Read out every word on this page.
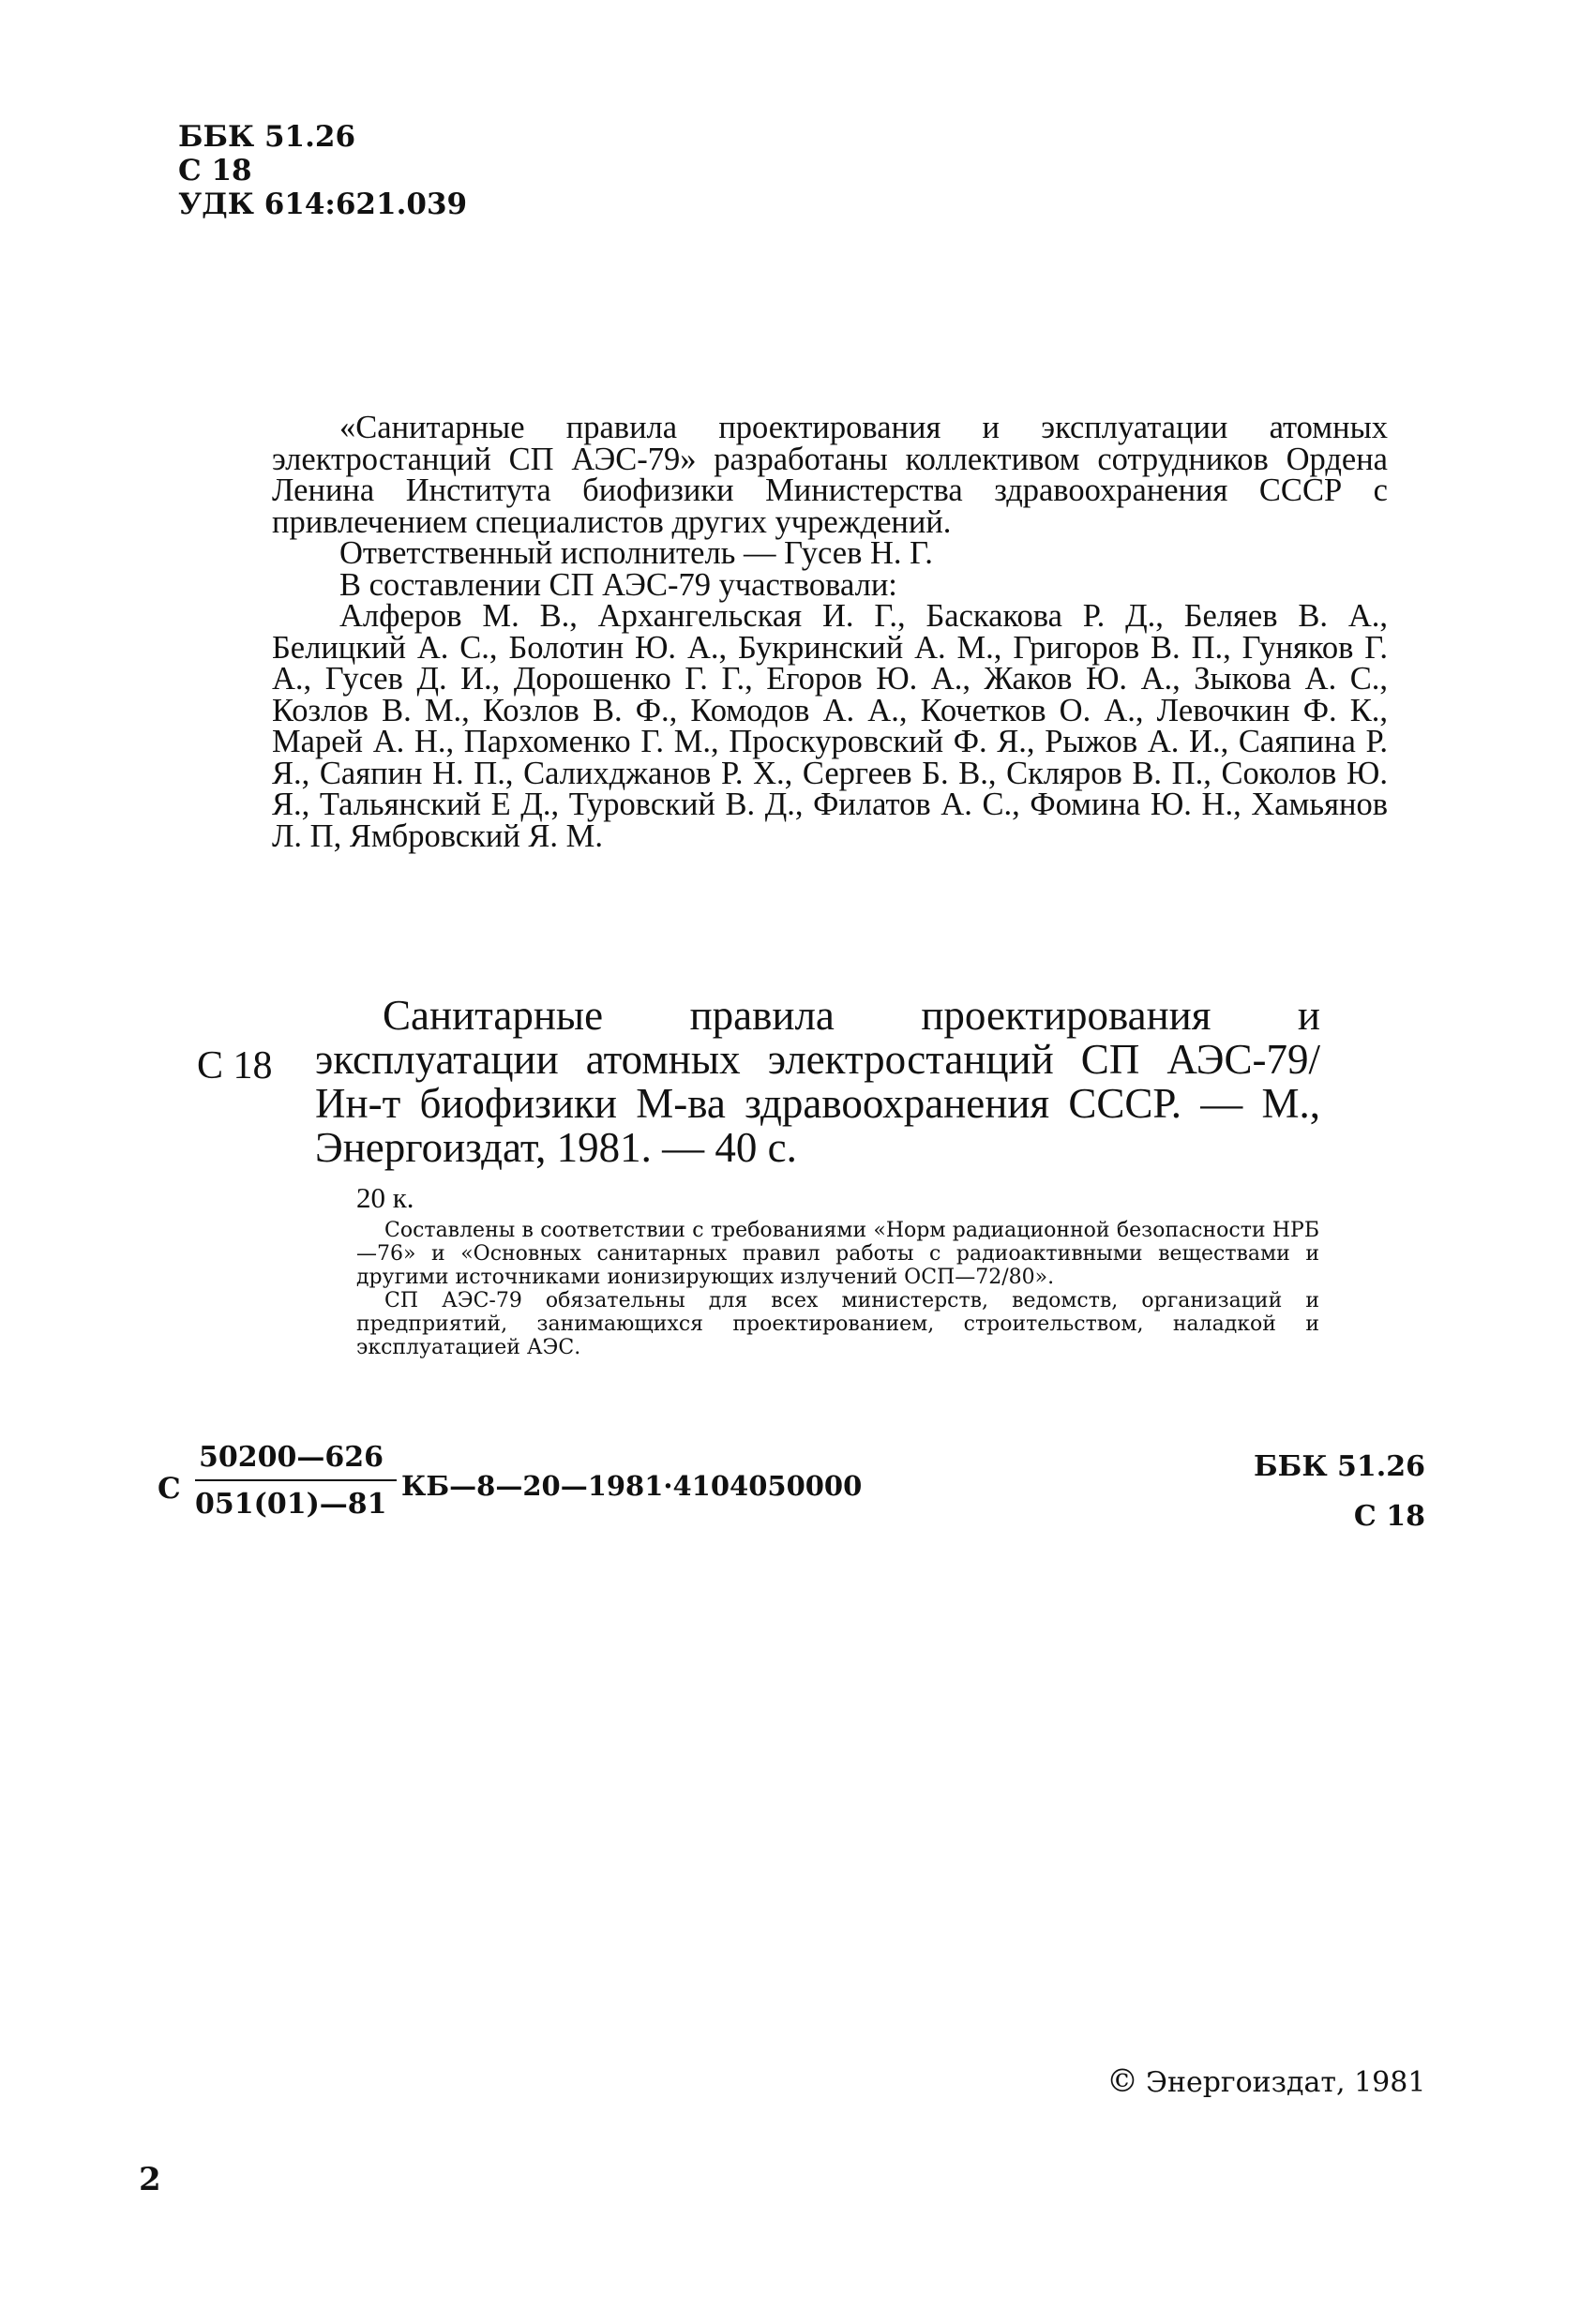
ББК 51.26
С 18
УДК 614:621.039

«Санитарные правила проектирования и эксплуатации атомных электростанций СП АЭС-79» разработаны коллективом сотрудников Ордена Ленина Института биофизики Министерства здравоохранения СССР с привлечением специалистов других учреждений.

Ответственный исполнитель — Гусев Н. Г.

В составлении СП АЭС-79 участвовали:

Алферов М. В., Архангельская И. Г., Баскакова Р. Д., Беляев В. А., Белицкий А. С., Болотин Ю. А., Букринский А. М., Григоров В. П., Гуняков Г. А., Гусев Д. И., Дорошенко Г. Г., Егоров Ю. А., Жаков Ю. А., Зыкова А. С., Козлов В. М., Козлов В. Ф., Комодов А. А., Кочетков О. А., Левочкин Ф. К., Марей А. Н., Пархоменко Г. М., Проскуровский Ф. Я., Рыжов А. И., Саяпина Р. Я., Саяпин Н. П., Салихджанов Р. Х., Сергеев Б. В., Скляров В. П., Соколов Ю. Я., Тальянский Е Д., Туровский В. Д., Филатов А. С., Фомина Ю. Н., Хамьянов Л. П, Ямбровский Я. М.

С 18

Санитарные правила проектирования и эксплуатации атомных электростанций СП АЭС-79/Ин-т биофизики М-ва здравоохранения СССР. — М., Энергоиздат, 1981. — 40 с.

20 к.

Составлены в соответствии с требованиями «Норм радиационной безопасности НРБ—76» и «Основных санитарных правил работы с радиоактивными веществами и другими источниками ионизирующих излучений ОСП—72/80».

СП АЭС-79 обязательны для всех министерств, ведомств, организаций и предприятий, занимающихся проектированием, строительством, наладкой и эксплуатацией АЭС.

С
50200—626
051(01)—81
КБ—8—20—1981·4104050000
ББК 51.26
С 18
© Энергоиздат, 1981
2
